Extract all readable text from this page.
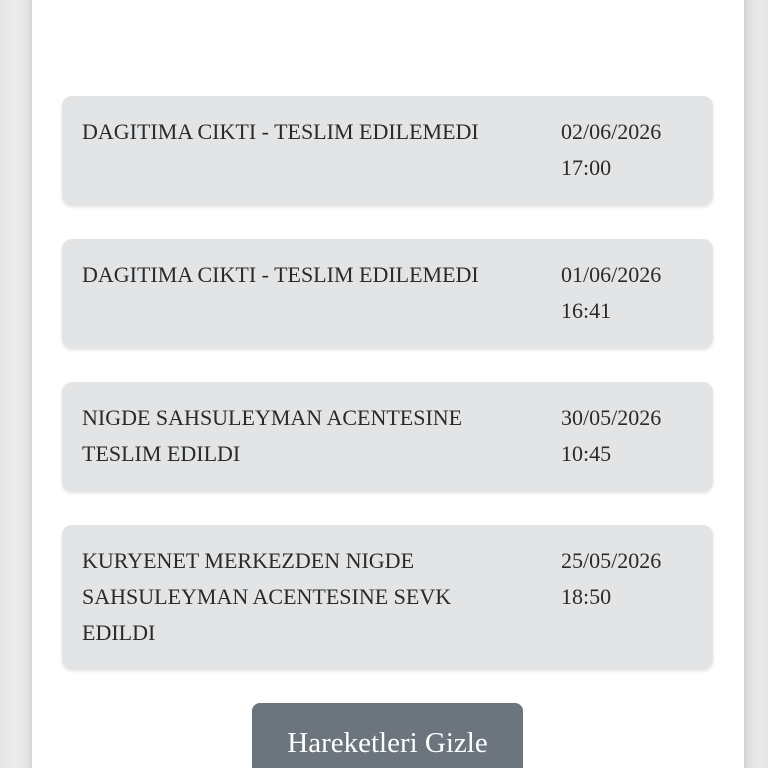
DAGITIMA CIKTI - TESLIM EDILEMEDI	02/06/2026
17:00
DAGITIMA CIKTI - TESLIM EDILEMEDI	01/06/2026
16:41
NIGDE SAHSULEYMAN ACENTESINE TESLIM EDILDI
30/05/2026
10:45
KURYENET MERKEZDEN NIGDE SAHSULEYMAN ACENTESINE SEVK EDILDI
25/05/2026
18:50
Hareketleri Gizle
